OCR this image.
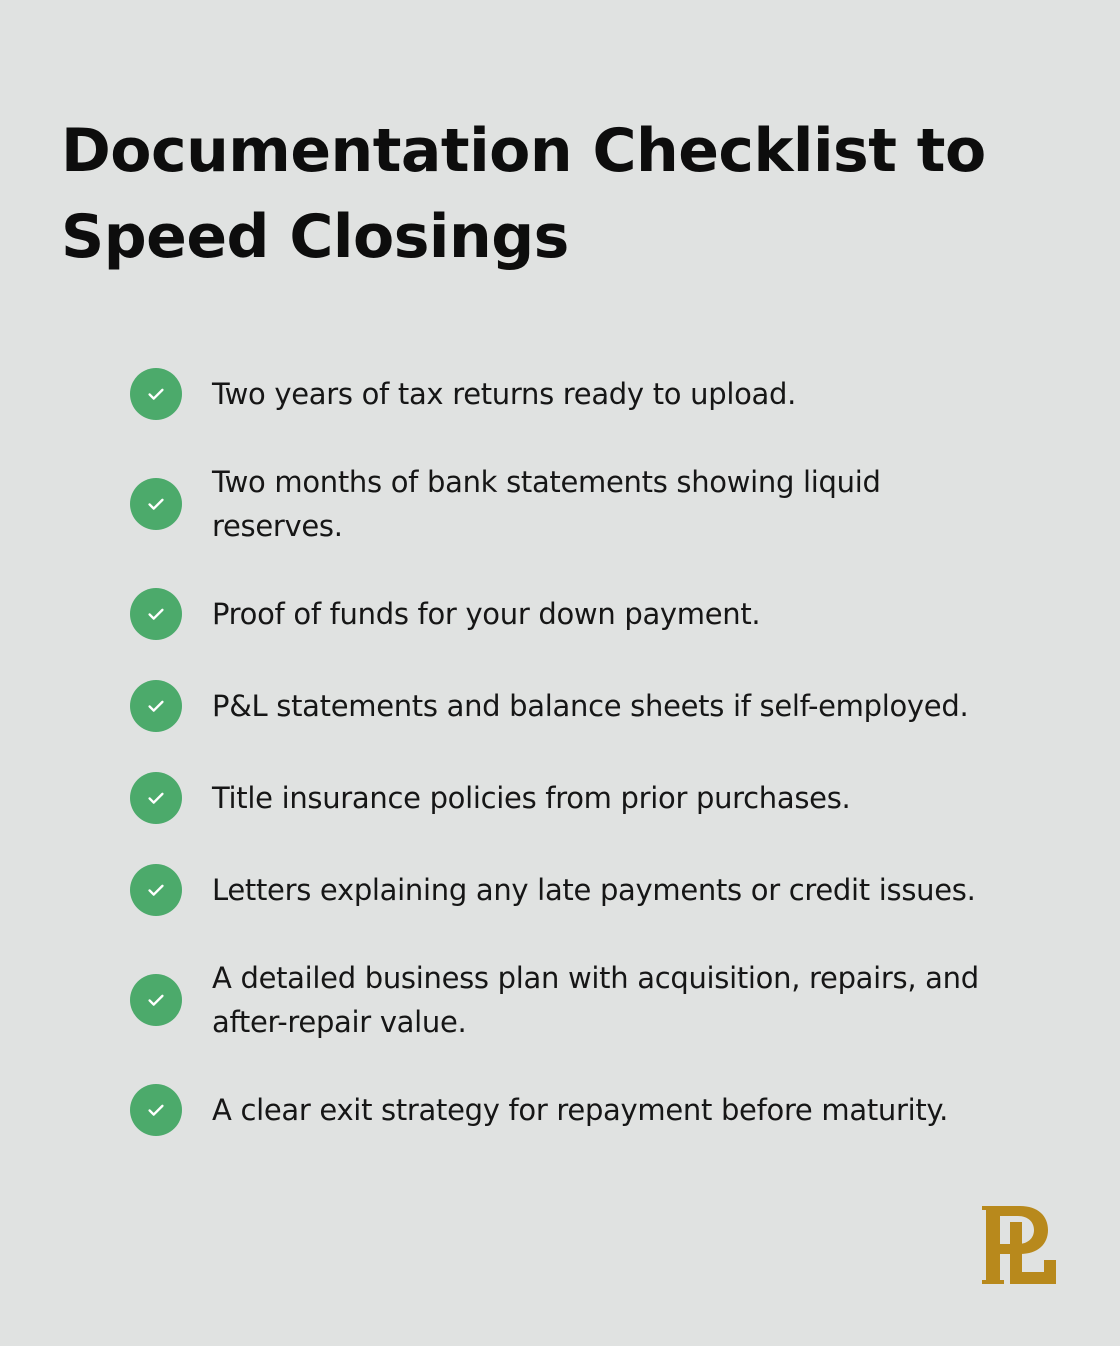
Documentation Checklist to Speed Closings
Two years of tax returns ready to upload.
Two months of bank statements showing liquid reserves.
Proof of funds for your down payment.
P&L statements and balance sheets if self-employed.
Title insurance policies from prior purchases.
Letters explaining any late payments or credit issues.
A detailed business plan with acquisition, repairs, and after-repair value.
A clear exit strategy for repayment before maturity.
